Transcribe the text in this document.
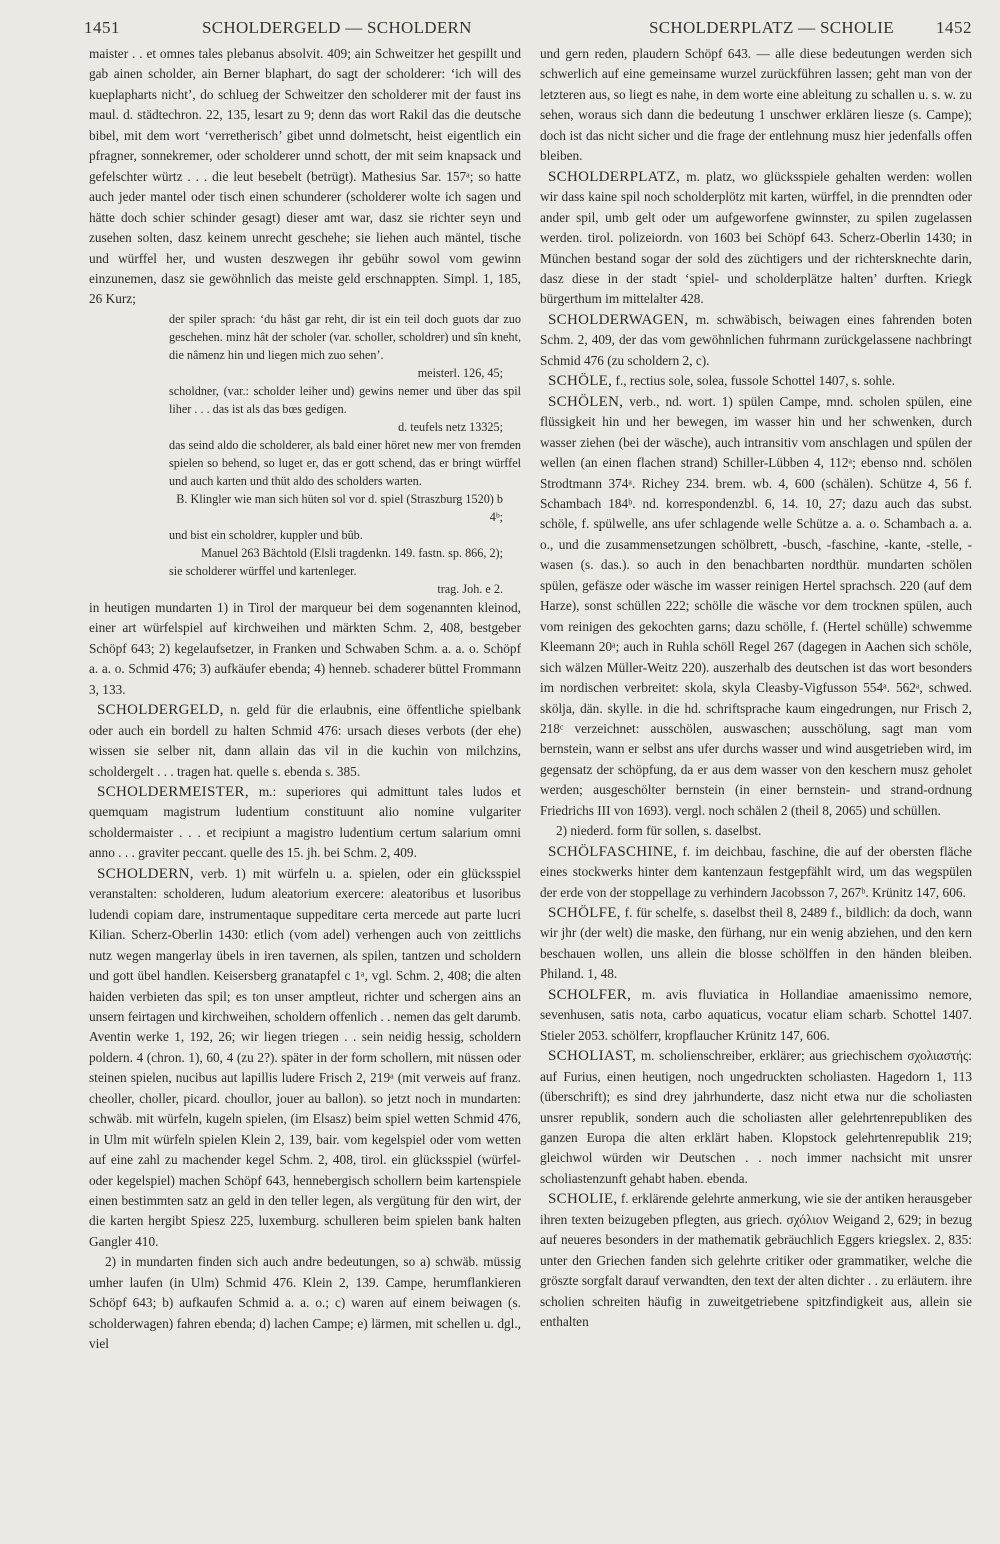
1451	SCHOLDERGELD — SCHOLDERN	SCHOLDERPLATZ — SCHOLIE 1452

maister . . et omnes tales plebanus absolvit. 409; ain Schweitzer het gespillt und gab ainen scholder, ain Berner blaphart, do sagt der scholderer: ‘ich will des kueplapharts nicht’, do schlueg der Schweitzer den scholderer mit der faust ins maul. d. städtechron. 22, 135, lesart zu 9; denn das wort Rakil das die deutsche bibel, mit dem wort ‘verretherisch’ gibet unnd dolmetscht, heist eigentlich ein pfragner, sonnekremer, oder scholderer unnd schott, der mit seim knapsack und gefelschter würtz . . . die leut besebelt (betrügt). Mathesius Sar. 157ᵃ; so hatte auch jeder mantel oder tisch einen schunderer (scholderer wolte ich sagen und hätte doch schier schinder gesagt) dieser amt war, dasz sie richter seyn und zusehen solten, dasz keinem unrecht geschehe; sie liehen auch mäntel, tische und würffel her, und wusten deszwegen ihr gebühr sowol vom gewinn einzunemen, dasz sie gewöhnlich das meiste geld erschnappten. Simpl. 1, 185, 26 Kurz;

der spiler sprach: ‘du hâst gar reht, dir ist ein teil doch guots dar zuo geschehen. minz hât der scholer (var. scholler, scholdrer) und sîn kneht, die nâmenz hin und liegen mich zuo sehen’.
meisterl. 126, 45;
scholdner, (var.: scholder leiher und) gewins nemer und über das spil liher . . . das ist als das bœs gedigen.
d. teufels netz 13325;
das seind aldo die scholderer, als bald einer höret new mer von fremden spielen so behend, so luget er, das er gott schend, das er bringt würffel und auch karten und thüt aldo des scholders warten.
B. Klingler wie man sich hüten sol vor d. spiel (Straszburg 1520) b 4ᵇ;
und bist ein scholdrer, kuppler und bûb.
Manuel 263 Bächtold (Elsli tragdenkn. 149. fastn. sp. 866, 2);
sie scholderer würffel und kartenleger.
trag. Joh. e 2.

in heutigen mundarten 1) in Tirol der marqueur bei dem sogenannten kleinod, einer art würfelspiel auf kirchweihen und märkten Schm. 2, 408, bestgeber Schöpf 643; 2) kegelaufsetzer, in Franken und Schwaben Schm. a. a. o. Schöpf a. a. o. Schmid 476; 3) aufkäufer ebenda; 4) henneb. schaderer büttel Frommann 3, 133.

SCHOLDERGELD, n. geld für die erlaubnis, eine öffentliche spielbank oder auch ein bordell zu halten Schmid 476: ursach dieses verbots (der ehe) wissen sie selber nit, dann allain das vil in die kuchin von milchzins, scholdergelt . . . tragen hat. quelle s. ebenda s. 385.

SCHOLDERMEISTER, m.: superiores qui admittunt tales ludos et quemquam magistrum ludentium constituunt alio nomine vulgariter scholdermaister . . . et recipiunt a magistro ludentium certum salarium omni anno . . . graviter peccant. quelle des 15. jh. bei Schm. 2, 409.

SCHOLDERN, verb. 1) mit würfeln u. a. spielen, oder ein glücksspiel veranstalten: scholderen, ludum aleatorium exercere: aleatoribus et lusoribus ludendi copiam dare, instrumentaque suppeditare certa mercede aut parte lucri Kilian. Scherz-Oberlin 1430: etlich (vom adel) verhengen auch von zeittlichs nutz wegen mangerlay übels in iren tavernen, als spilen, tantzen und scholdern und gott übel handlen. Keisersberg granatapfel c 1ᵃ, vgl. Schm. 2, 408; die alten haiden verbieten das spil; es ton unser amptleut, richter und schergen ains an unsern feirtagen und kirchweihen, scholdern offenlich . . nemen das gelt darumb. Aventin werke 1, 192, 26; wir liegen triegen . . sein neidig hessig, scholdern poldern. 4 (chron. 1), 60, 4 (zu 2?). später in der form schollern, mit nüssen oder steinen spielen, nucibus aut lapillis ludere Frisch 2, 219ᵃ (mit verweis auf franz. cheoller, choller, picard. choullor, jouer au ballon). so jetzt noch in mundarten: schwäb. mit würfeln, kugeln spielen, (im Elsasz) beim spiel wetten Schmid 476, in Ulm mit würfeln spielen Klein 2, 139, bair. vom kegelspiel oder vom wetten auf eine zahl zu machender kegel Schm. 2, 408, tirol. ein glücksspiel (würfel- oder kegelspiel) machen Schöpf 643, hennebergisch schollern beim kartenspiele einen bestimmten satz an geld in den teller legen, als vergütung für den wirt, der die karten hergibt Spiesz 225, luxemburg. schulleren beim spielen bank halten Gangler 410.

2) in mundarten finden sich auch andre bedeutungen, so a) schwäb. müssig umher laufen (in Ulm) Schmid 476. Klein 2, 139. Campe, herumflankieren Schöpf 643; b) aufkaufen Schmid a. a. o.; c) waren auf einem beiwagen (s. scholderwagen) fahren ebenda; d) lachen Campe; e) lärmen, mit schellen u. dgl., viel

und gern reden, plaudern Schöpf 643. — alle diese bedeutungen werden sich schwerlich auf eine gemeinsame wurzel zurückführen lassen; geht man von der letzteren aus, so liegt es nahe, in dem worte eine ableitung zu schallen u. s. w. zu sehen, woraus sich dann die bedeutung 1 unschwer erklären liesze (s. Campe); doch ist das nicht sicher und die frage der entlehnung musz hier jedenfalls offen bleiben.

SCHOLDERPLATZ, m. platz, wo glücksspiele gehalten werden: wollen wir dass kaine spil noch scholderplötz mit karten, würffel, in die prenndten oder ander spil, umb gelt oder um aufgeworfene gwinnster, zu spilen zugelassen werden. tirol. polizeiordn. von 1603 bei Schöpf 643. Scherz-Oberlin 1430; in München bestand sogar der sold des züchtigers und der richtersknechte darin, dasz diese in der stadt ‘spiel- und scholderplätze halten’ durften. Kriegk bürgerthum im mittelalter 428.

SCHOLDERWAGEN, m. schwäbisch, beiwagen eines fahrenden boten Schm. 2, 409, der das vom gewöhnlichen fuhrmann zurückgelassene nachbringt Schmid 476 (zu scholdern 2, c).

SCHÖLE, f., rectius sole, solea, fussole Schottel 1407, s. sohle.

SCHÖLEN, verb., nd. wort. 1) spülen Campe, mnd. scholen spülen, eine flüssigkeit hin und her bewegen, im wasser hin und her schwenken, durch wasser ziehen (bei der wäsche), auch intransitiv vom anschlagen und spülen der wellen (an einen flachen strand) Schiller-Lübben 4, 112ᵃ; ebenso nnd. schölen Strodtmann 374ᵃ. Richey 234. brem. wb. 4, 600 (schälen). Schütze 4, 56 f. Schambach 184ᵇ. nd. korrespondenzbl. 6, 14. 10, 27; dazu auch das subst. schöle, f. spülwelle, ans ufer schlagende welle Schütze a. a. o. Schambach a. a. o., und die zusammensetzungen schölbrett, -busch, -faschine, -kante, -stelle, -wasen (s. das.). so auch in den benachbarten nordthür. mundarten schölen spülen, gefäsze oder wäsche im wasser reinigen Hertel sprachsch. 220 (auf dem Harze), sonst schüllen 222; schölle die wäsche vor dem trocknen spülen, auch vom reinigen des gekochten garns; dazu schölle, f. (Hertel schülle) schwemme Kleemann 20ᵃ; auch in Ruhla schöll Regel 267 (dagegen in Aachen sich schöle, sich wälzen Müller-Weitz 220). auszerhalb des deutschen ist das wort besonders im nordischen verbreitet: skola, skyla Cleasby-Vigfusson 554ᵃ. 562ᵃ, schwed. skölja, dän. skylle. in die hd. schriftsprache kaum eingedrungen, nur Frisch 2, 218ᶜ verzeichnet: ausschölen, auswaschen; ausschölung, sagt man vom bernstein, wann er selbst ans ufer durchs wasser und wind ausgetrieben wird, im gegensatz der schöpfung, da er aus dem wasser von den keschern musz geholet werden; ausgeschölter bernstein (in einer bernstein- und strand-ordnung Friedrichs III von 1693). vergl. noch schälen 2 (theil 8, 2065) und schüllen.

2) niederd. form für sollen, s. daselbst.

SCHÖLFASCHINE, f. im deichbau, faschine, die auf der obersten fläche eines stockwerks hinter dem kantenzaun festgepfählt wird, um das wegspülen der erde von der stoppellage zu verhindern Jacobsson 7, 267ᵇ. Krünitz 147, 606.

SCHÖLFE, f. für schelfe, s. daselbst theil 8, 2489 f., bildlich: da doch, wann wir jhr (der welt) die maske, den fürhang, nur ein wenig abziehen, und den kern beschauen wollen, uns allein die blosse schölffen in den händen bleiben. Philand. 1, 48.

SCHOLFER, m. avis fluviatica in Hollandiae amaenissimo nemore, sevenhusen, satis nota, carbo aquaticus, vocatur eliam scharb. Schottel 1407. Stieler 2053. schölferr, kropflaucher Krünitz 147, 606.

SCHOLIAST, m. scholienschreiber, erklärer; aus griechischem σχολιαστής: auf Furius, einen heutigen, noch ungedruckten scholiasten. Hagedorn 1, 113 (überschrift); es sind drey jahrhunderte, dasz nicht etwa nur die scholiasten unsrer republik, sondern auch die scholiasten aller gelehrtenrepubliken des ganzen Europa die alten erklärt haben. Klopstock gelehrtenrepublik 219; gleichwol würden wir Deutschen . . noch immer nachsicht mit unsrer scholiastenzunft gehabt haben. ebenda.

SCHOLIE, f. erklärende gelehrte anmerkung, wie sie der antiken herausgeber ihren texten beizugeben pflegten, aus griech. σχόλιον Weigand 2, 629; in bezug auf neueres besonders in der mathematik gebräuchlich Eggers kriegslex. 2, 835: unter den Griechen fanden sich gelehrte critiker oder grammatiker, welche die gröszte sorgfalt darauf verwandten, den text der alten dichter . . zu erläutern. ihre scholien schreiten häufig in zuweitgetriebene spitzfindigkeit aus, allein sie enthalten
